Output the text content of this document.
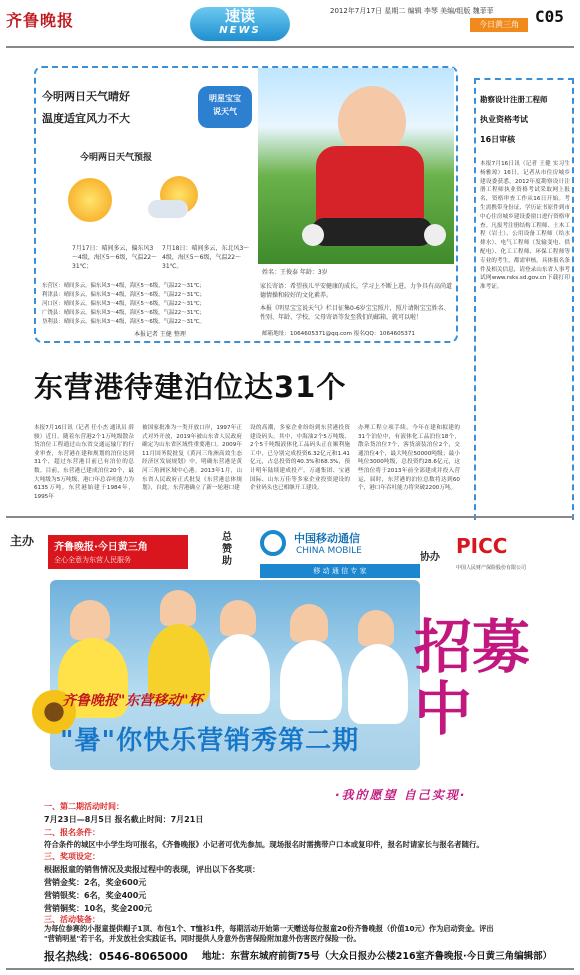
齐鲁晚报	速读
NEWS
2012年7月17日 星期二 编辑 李琴 美编/组版 魏菲菲
今日黄三角	C05
今明两日天气晴好
温度适宜风力不大
今明两日天气预报
7月17日：晴间多云，偏东风3～4级，海区5～6级，气温22～31℃；
7月18日：晴间多云，东北风3～4级，海区5～6级，气温22～31℃。
东营区：晴间多云，偏东风3～4级，海区5～6级，气温22～31℃；
利津县：晴间多云，偏东风3～4级，海区5～6级，气温22～31℃；
河口区：晴间多云，偏东风3～4级，海区5～6级，气温22～31℃；
广饶县：晴间多云，偏东风3～4级，海区5～6级，气温22～31℃；
垦利县：晴间多云，偏东风3～4级，海区5～6级，气温22～31℃。
本报记者 王健 整理
明星宝宝
说天气
姓名：王俊泰 年龄：3岁
家长寄语：希望孩儿平安健康的成长，学习上不断上进，力争具有高尚道德情操和较好的文化素养。
本报《明星宝宝说天气》栏目征集0-6岁宝宝照片，照片请附宝宝姓名、性别、年龄、学校，父母寄语等发至我们的邮箱，就可以啦！
邮箱地址：1064605371@qq.com 报名QQ：1064605371
东营港待建泊位达31个
本报7月16日讯（记者 任小杰 通讯员 薛骏）近日，随着东营港2个1万吨级散杂货泊位工程通过山东省交通运输厅的行业审查，东营港在建和规划的泊位达到31个，超过东营港目前已有泊位的总数。目前，东营港已建成泊位20个，最大吨级为5万吨级，港口年总吞吐能力为6135万吨。东营港始建于1984年，1995年
被国家批准为一类开放口岸，1997年正式对外开放，2019年被山东省人民政府确定为山东省区域性重要港口。2009年11月国务院批复《黄河三角洲高效生态经济区发展规划》中，明确东营港是黄河三角洲区域中心港。2013年1月，山东省人民政府正式批复《东营港总体规划》，自此，东营港确立了新一轮港口建
设的高潮，多家企业纷纷到东营港投资建设码头。其中，中海油2个5万吨级、2个5千吨级液体化工品码头正在顺利施工中，已分别完成投资6.32亿元和1.41亿元，占总投资的40.3%和68.3%，预计明年陆续建成投产。万通集团、宝港国际、山东万佳等多家企业投资建设的企业码头也已相继开工建设。
办理工程立项手续。今年在建和拟建的31个泊位中，有液体化工品泊位18个，散杂货泊位7个，客货滚装泊位2个，交通泊位4个，最大吨位50000吨级；最小吨位3000吨级，总投资约28.6亿元，这些泊位将于2013年前全部建成并投入营运，届时，东营港的泊位总数将达到60个，港口年吞吐能力将突破2200万吨。
勘察设计注册工程师
执业资格考试
16日审核
本报7月16日讯（记者 王健 实习生 杨雅琼）16日，记者从市住房城乡建设委获悉，2012年度勘察设计注册工程师执业资格考试采取网上报名，资格审查工作从16日开始。考生需携带身份证、学历证书原件到市中心住房城乡建设委窗口进行资格审查。凡报考注册结构工程师、土木工程（岩土）、公用设备工程师（给水排水）、电气工程师（发输变电、供配电）、化工工程师、环保工程师等专业的考生，都需审核。具体报名条件及相关信息，请登录山东省人事考试网www.rsks.sd.gov.cn下载打印准考证。
主办	齐鲁晚报·今日黄三角
全心全意为东营人民服务
总赞助
中国移动通信
CHINA MOBILE
移 动 通 信 专 家
协办 PICC
中国人民财产保险股份有限公司
齐鲁晚报"东营移动"杯
"暑"你快乐营销秀第二期
招募中
·我的愿望 自己实现·
一、第二期活动时间：
7月23日—8月5日 报名截止时间：7月21日
二、报名条件：
符合条件的城区中小学生均可报名，《齐鲁晚报》小记者可优先参加。现场报名时需携带户口本或复印件，报名时请家长与报名者随行。
三、奖项设定：
根据报童的销售情况及卖报过程中的表现，评出以下各奖项：
营销金奖：2名，奖金600元
营销银奖：6名，奖金400元
营销铜奖：10名，奖金200元
三、活动装备：
为每位参赛的小报童提供帽子1顶、布包1个、T恤衫1件，每期活动开始第一天赠送每位报童20份齐鲁晚报（价值10元）作为启动资金。评出
"营销明星"若干名，并发放社会实践证书。同时提供人身意外伤害保险附加意外伤害医疗保险一份。
报名热线：0546-8065000 地址：东营东城府前街75号（大众日报办公楼216室齐鲁晚报·今日黄三角编辑部）
